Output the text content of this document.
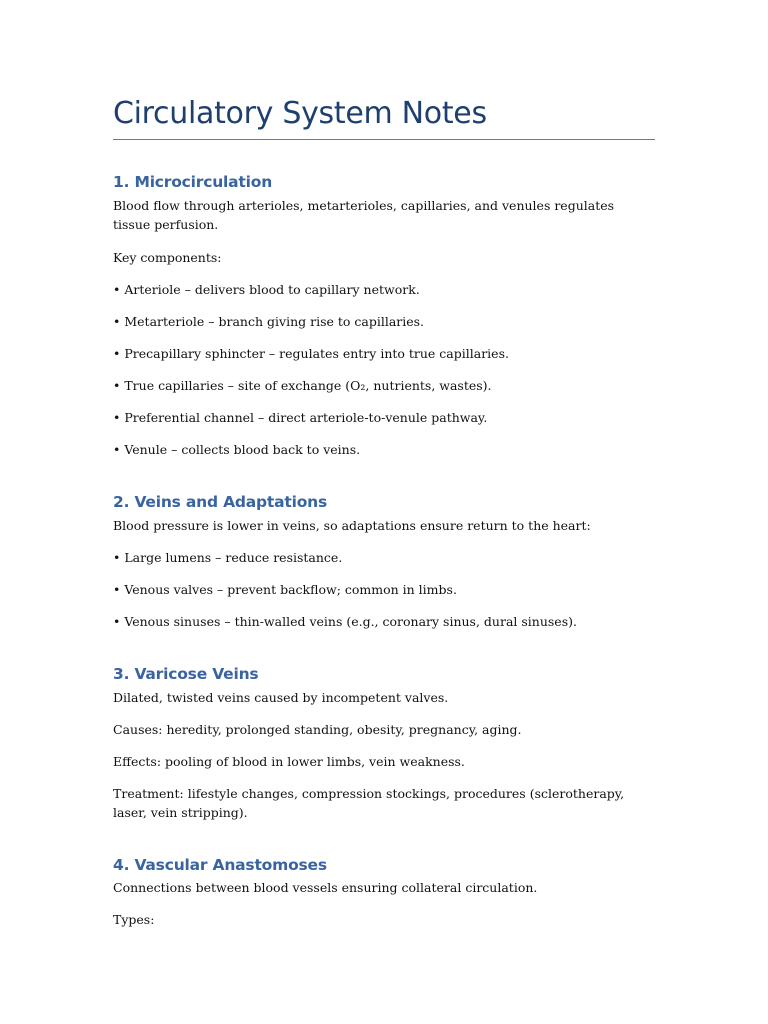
Circulatory System Notes
1. Microcirculation

Blood flow through arterioles, metarterioles, capillaries, and venules regulates tissue perfusion.

Key components:

• Arteriole – delivers blood to capillary network.

• Metarteriole – branch giving rise to capillaries.

• Precapillary sphincter – regulates entry into true capillaries.

• True capillaries – site of exchange (O₂, nutrients, wastes).

• Preferential channel – direct arteriole-to-venule pathway.

• Venule – collects blood back to veins.

2. Veins and Adaptations

Blood pressure is lower in veins, so adaptations ensure return to the heart:

• Large lumens – reduce resistance.

• Venous valves – prevent backflow; common in limbs.

• Venous sinuses – thin-walled veins (e.g., coronary sinus, dural sinuses).

3. Varicose Veins

Dilated, twisted veins caused by incompetent valves.

Causes: heredity, prolonged standing, obesity, pregnancy, aging.

Effects: pooling of blood in lower limbs, vein weakness.

Treatment: lifestyle changes, compression stockings, procedures (sclerotherapy, laser, vein stripping).

4. Vascular Anastomoses

Connections between blood vessels ensuring collateral circulation.

Types:
